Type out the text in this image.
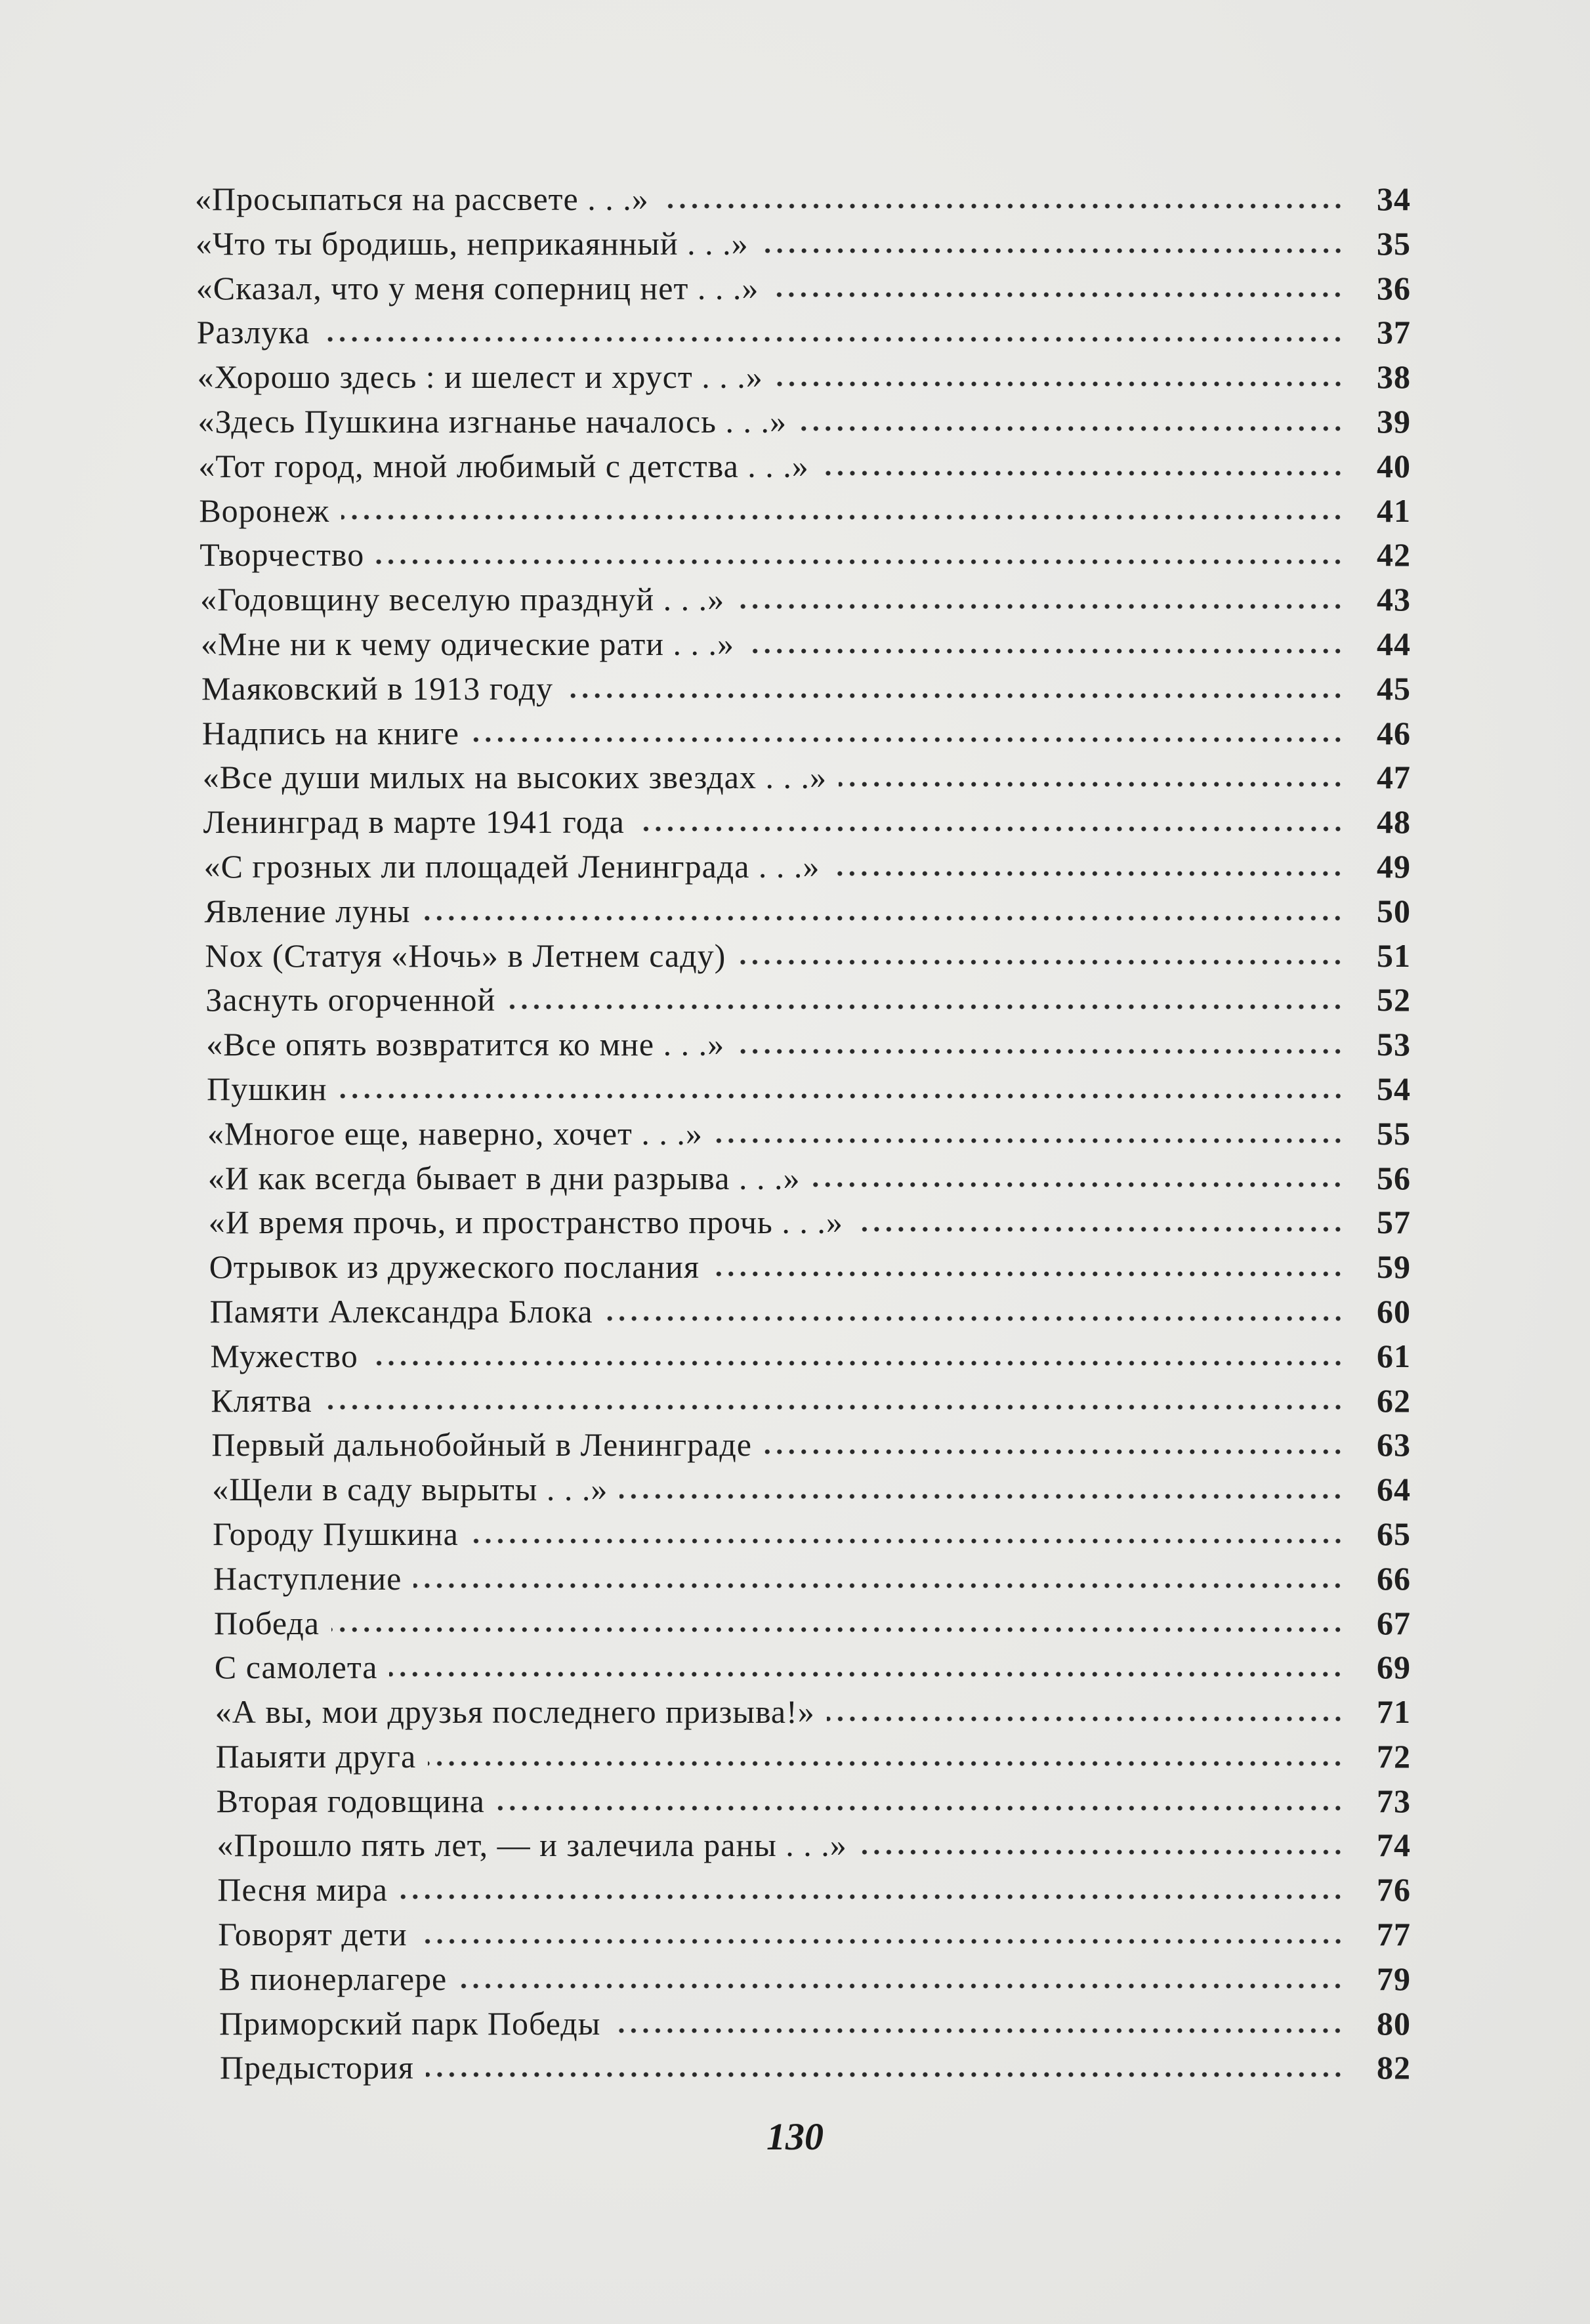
«Просыпаться на рассвете . . .»	34
«Что ты бродишь, неприкаянный . . .»	35
«Сказал, что у меня соперниц нет . . .»	36
Разлука	37
«Хорошо здесь : и шелест и хруст . . .»	38
«Здесь Пушкина изгнанье началось . . .»	39
«Тот город, мной любимый с детства . . .»	40
Воронеж	41
Творчество	42
«Годовщину веселую празднуй . . .»	43
«Мне ни к чему одические рати . . .»	44
Маяковский в 1913 году	45
Надпись на книге	46
«Все души милых на высоких звездах . . .»	47
Ленинград в марте 1941 года	48
«С грозных ли площадей Ленинграда . . .»	49
Явление луны	50
Nox (Статуя «Ночь» в Летнем саду)	51
Заснуть огорченной	52
«Все опять возвратится ко мне . . .»	53
Пушкин	54
«Многое еще, наверно, хочет . . .»	55
«И как всегда бывает в дни разрыва . . .»	56
«И время прочь, и пространство прочь . . .»	57
Отрывок из дружеского послания	59
Памяти Александра Блока	60
Мужество	61
Клятва	62
Первый дальнобойный в Ленинграде	63
«Щели в саду вырыты . . .»	64
Городу Пушкина	65
Наступление	66
Победа	67
С самолета	69
«А вы, мои друзья последнего призыва!»	71
Паыяти друга	72
Вторая годовщина	73
«Прошло пять лет, — и залечила раны . . .»	74
Песня мира	76
Говорят дети	77
В пионерлагере	79
Приморский парк Победы	80
Предыстория	82
130
